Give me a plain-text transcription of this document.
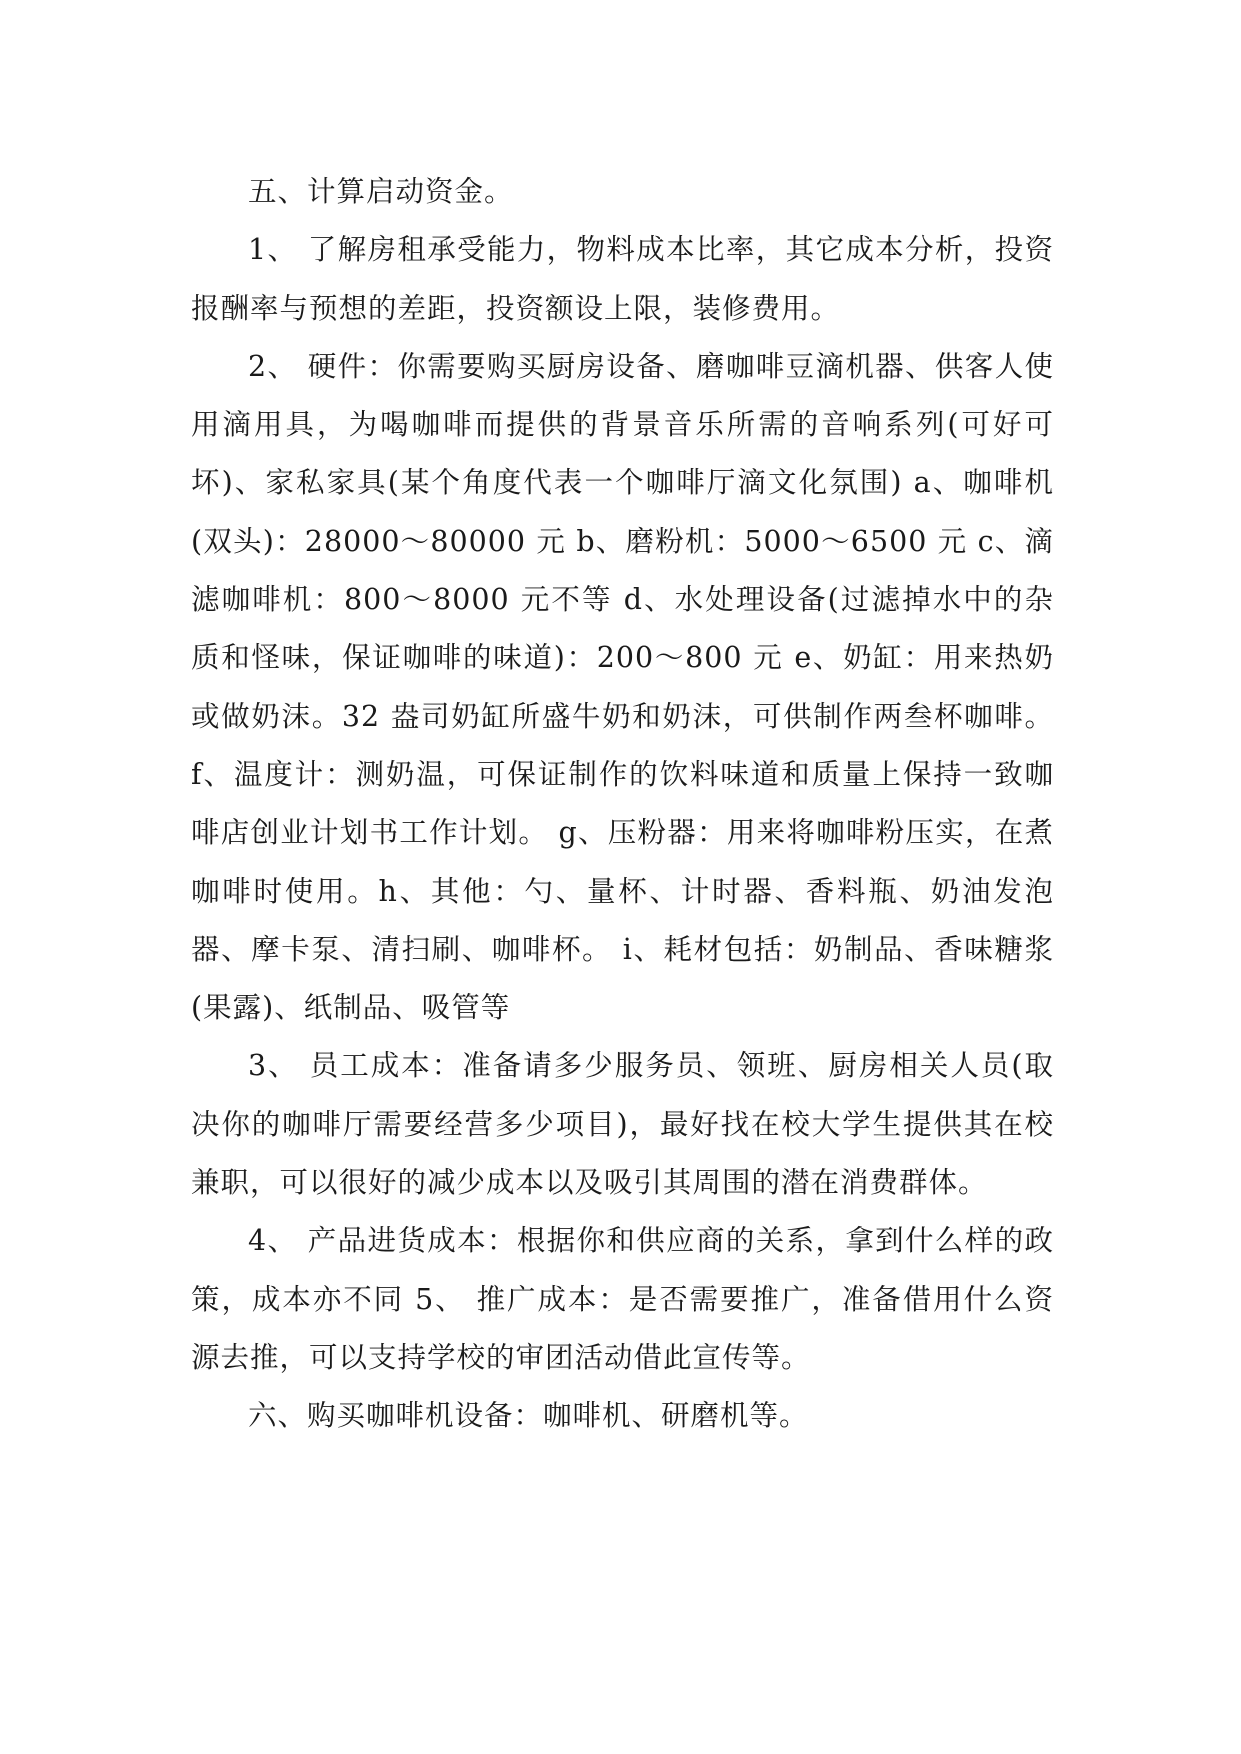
五、计算启动资金。

1、 了解房租承受能力，物料成本比率，其它成本分析，投资报酬率与预想的差距，投资额设上限，装修费用。

2、 硬件：你需要购买厨房设备、磨咖啡豆滴机器、供客人使用滴用具，为喝咖啡而提供的背景音乐所需的音响系列(可好可坏)、家私家具(某个角度代表一个咖啡厅滴文化氛围) a、咖啡机(双头)：28000～80000 元 b、磨粉机：5000～6500 元 c、滴滤咖啡机：800～8000 元不等 d、水处理设备(过滤掉水中的杂质和怪味，保证咖啡的味道)：200～800 元 e、奶缸：用来热奶或做奶沫。32 盎司奶缸所盛牛奶和奶沫，可供制作两叁杯咖啡。 f、温度计：测奶温，可保证制作的饮料味道和质量上保持一致咖啡店创业计划书工作计划。 g、压粉器：用来将咖啡粉压实，在煮咖啡时使用。h、其他：勺、量杯、计时器、香料瓶、奶油发泡器、摩卡泵、清扫刷、咖啡杯。 i、耗材包括：奶制品、香味糖浆(果露)、纸制品、吸管等

3、 员工成本：准备请多少服务员、领班、厨房相关人员(取决你的咖啡厅需要经营多少项目)，最好找在校大学生提供其在校兼职，可以很好的减少成本以及吸引其周围的潜在消费群体。

4、 产品进货成本：根据你和供应商的关系，拿到什么样的政策，成本亦不同 5、 推广成本：是否需要推广，准备借用什么资源去推，可以支持学校的审团活动借此宣传等。

六、购买咖啡机设备：咖啡机、研磨机等。
